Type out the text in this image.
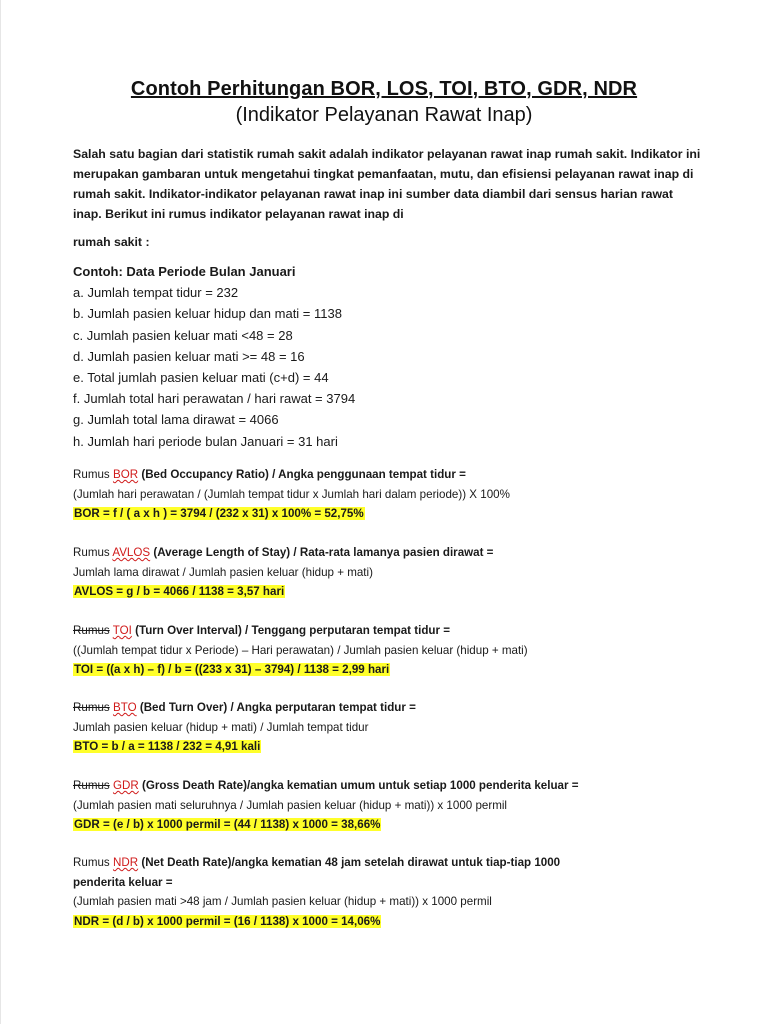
Contoh Perhitungan BOR, LOS, TOI, BTO, GDR, NDR
(Indikator Pelayanan Rawat Inap)
Salah satu bagian dari statistik rumah sakit adalah indikator pelayanan rawat inap rumah sakit. Indikator ini merupakan gambaran untuk mengetahui tingkat pemanfaatan, mutu, dan efisiensi pelayanan rawat inap di rumah sakit. Indikator-indikator pelayanan rawat inap ini sumber data diambil dari sensus harian rawat inap. Berikut ini rumus indikator pelayanan rawat inap di
rumah sakit :
Contoh: Data Periode Bulan Januari
a. Jumlah tempat tidur = 232
b. Jumlah pasien keluar hidup dan mati = 1138
c. Jumlah pasien keluar mati <48 = 28
d. Jumlah pasien keluar mati >= 48 = 16
e. Total jumlah pasien keluar mati (c+d) = 44
f. Jumlah total hari perawatan / hari rawat = 3794
g. Jumlah total lama dirawat = 4066
h. Jumlah hari periode bulan Januari = 31 hari
Rumus BOR (Bed Occupancy Ratio) / Angka penggunaan tempat tidur =
(Jumlah hari perawatan / (Jumlah tempat tidur x Jumlah hari dalam periode)) X 100%
BOR = f / ( a x h ) = 3794 / (232 x 31) x 100% = 52,75%
Rumus AVLOS (Average Length of Stay) / Rata-rata lamanya pasien dirawat =
Jumlah lama dirawat / Jumlah pasien keluar (hidup + mati)
AVLOS = g / b = 4066 / 1138 = 3,57 hari
Rumus TOI (Turn Over Interval) / Tenggang perputaran tempat tidur =
((Jumlah tempat tidur x Periode) – Hari perawatan) / Jumlah pasien keluar (hidup + mati)
TOI = ((a x h) – f) / b = ((233 x 31) – 3794) / 1138 = 2,99 hari
Rumus BTO (Bed Turn Over) / Angka perputaran tempat tidur =
Jumlah pasien keluar (hidup + mati) / Jumlah tempat tidur
BTO = b / a = 1138 / 232 = 4,91 kali
Rumus GDR (Gross Death Rate)/angka kematian umum untuk setiap 1000 penderita keluar =
(Jumlah pasien mati seluruhnya / Jumlah pasien keluar (hidup + mati)) x 1000 permil
GDR = (e / b) x 1000 permil = (44 / 1138) x 1000 = 38,66%
Rumus NDR (Net Death Rate)/angka kematian 48 jam setelah dirawat untuk tiap-tiap 1000
penderita keluar =
(Jumlah pasien mati >48 jam / Jumlah pasien keluar (hidup + mati)) x 1000 permil
NDR = (d / b) x 1000 permil = (16 / 1138) x 1000 = 14,06%
